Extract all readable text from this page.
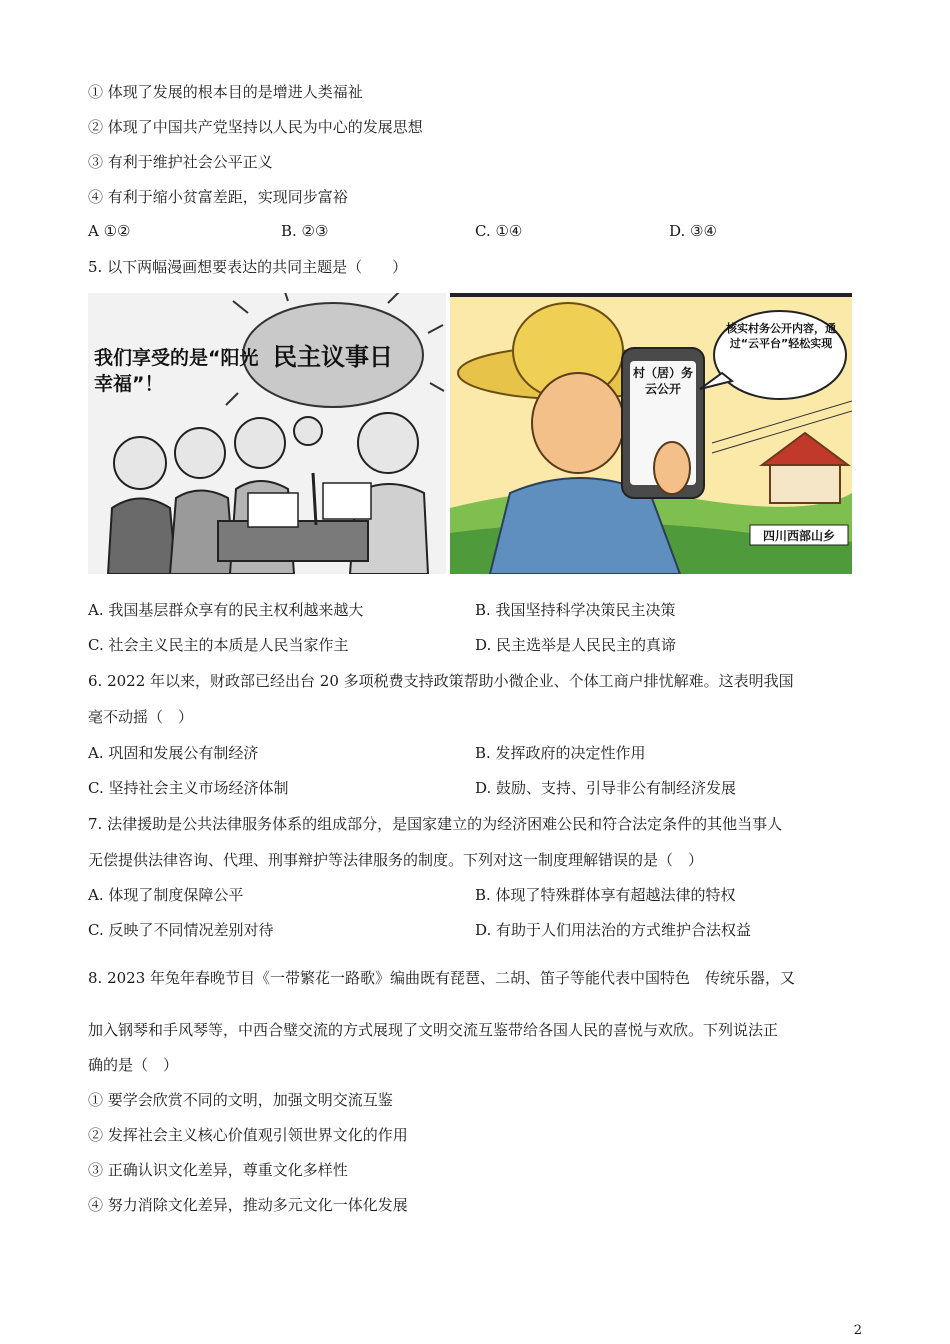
① 体现了发展的根本目的是增进人类福祉
② 体现了中国共产党坚持以人民为中心的发展思想
③ 有利于维护社会公平正义
④ 有利于缩小贫富差距，实现同步富裕
A ①②	B. ②③	C. ①④	D. ③④
5. 以下两幅漫画想要表达的共同主题是（　　）
民主议事日
我们享受的是“阳光幸福”！	村（居）务云公开
核实村务公开内容，通过“云平台”轻松实现
四川西部山乡
A. 我国基层群众享有的民主权利越来越大	B. 我国坚持科学决策民主决策
C. 社会主义民主的本质是人民当家作主	D. 民主选举是人民民主的真谛
6. 2022 年以来，财政部已经出台 20 多项税费支持政策帮助小微企业、个体工商户排忧解难。这表明我国
毫不动摇（　）
A. 巩固和发展公有制经济	B. 发挥政府的决定性作用
C. 坚持社会主义市场经济体制	D. 鼓励、支持、引导非公有制经济发展
7. 法律援助是公共法律服务体系的组成部分，是国家建立的为经济困难公民和符合法定条件的其他当事人
无偿提供法律咨询、代理、刑事辩护等法律服务的制度。下列对这一制度理解错误的是（　）
A. 体现了制度保障公平	B. 体现了特殊群体享有超越法律的特权
C. 反映了不同情况差别对待	D. 有助于人们用法治的方式维护合法权益
8. 2023 年兔年春晚节目《一带繁花一路歌》编曲既有琵琶、二胡、笛子等能代表中国特色　传统乐器，又
加入钢琴和手风琴等，中西合璧交流的方式展现了文明交流互鉴带给各国人民的喜悦与欢欣。下列说法正
确的是（　）
① 要学会欣赏不同的文明，加强文明交流互鉴
② 发挥社会主义核心价值观引领世界文化的作用
③ 正确认识文化差异，尊重文化多样性
④ 努力消除文化差异，推动多元文化一体化发展
2
